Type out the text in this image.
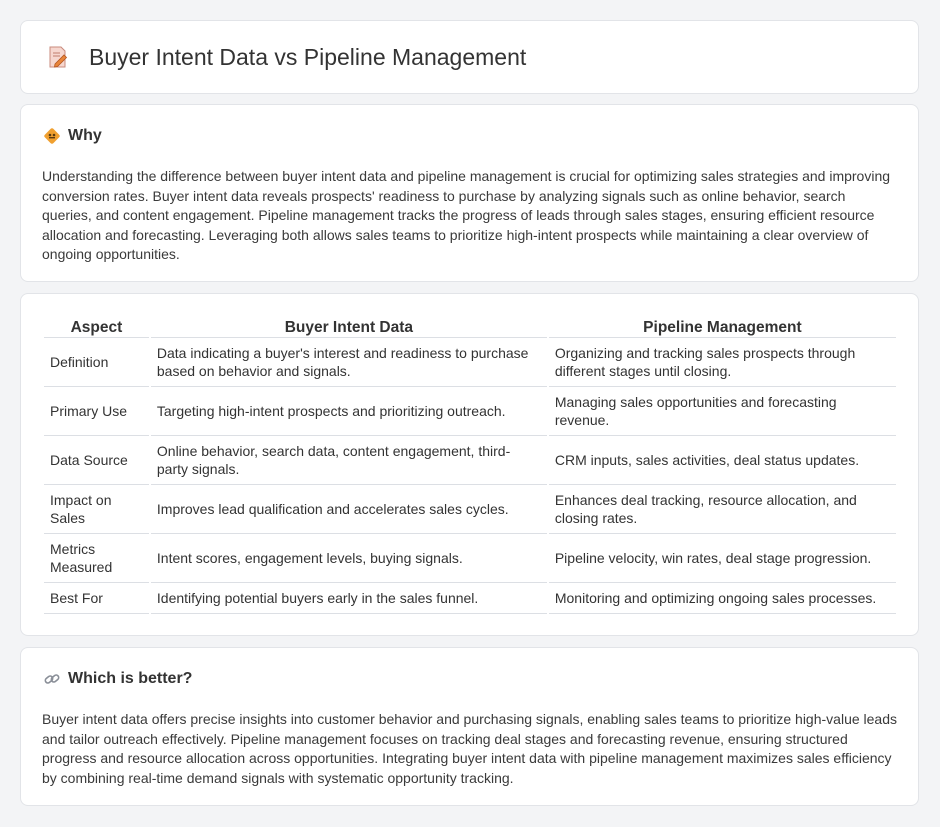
Buyer Intent Data vs Pipeline Management
Why

Understanding the difference between buyer intent data and pipeline management is crucial for optimizing sales strategies and improving conversion rates. Buyer intent data reveals prospects' readiness to purchase by analyzing signals such as online behavior, search queries, and content engagement. Pipeline management tracks the progress of leads through sales stages, ensuring efficient resource allocation and forecasting. Leveraging both allows sales teams to prioritize high-intent prospects while maintaining a clear overview of ongoing opportunities.

Aspect	Buyer Intent Data	Pipeline Management
Definition	Data indicating a buyer's interest and readiness to purchase based on behavior and signals.	Organizing and tracking sales prospects through different stages until closing.
Primary Use	Targeting high-intent prospects and prioritizing outreach.	Managing sales opportunities and forecasting revenue.
Data Source	Online behavior, search data, content engagement, third-party signals.	CRM inputs, sales activities, deal status updates.
Impact on Sales	Improves lead qualification and accelerates sales cycles.	Enhances deal tracking, resource allocation, and closing rates.
Metrics Measured	Intent scores, engagement levels, buying signals.	Pipeline velocity, win rates, deal stage progression.
Best For	Identifying potential buyers early in the sales funnel.	Monitoring and optimizing ongoing sales processes.
Which is better?

Buyer intent data offers precise insights into customer behavior and purchasing signals, enabling sales teams to prioritize high-value leads and tailor outreach effectively. Pipeline management focuses on tracking deal stages and forecasting revenue, ensuring structured progress and resource allocation across opportunities. Integrating buyer intent data with pipeline management maximizes sales efficiency by combining real-time demand signals with systematic opportunity tracking.
